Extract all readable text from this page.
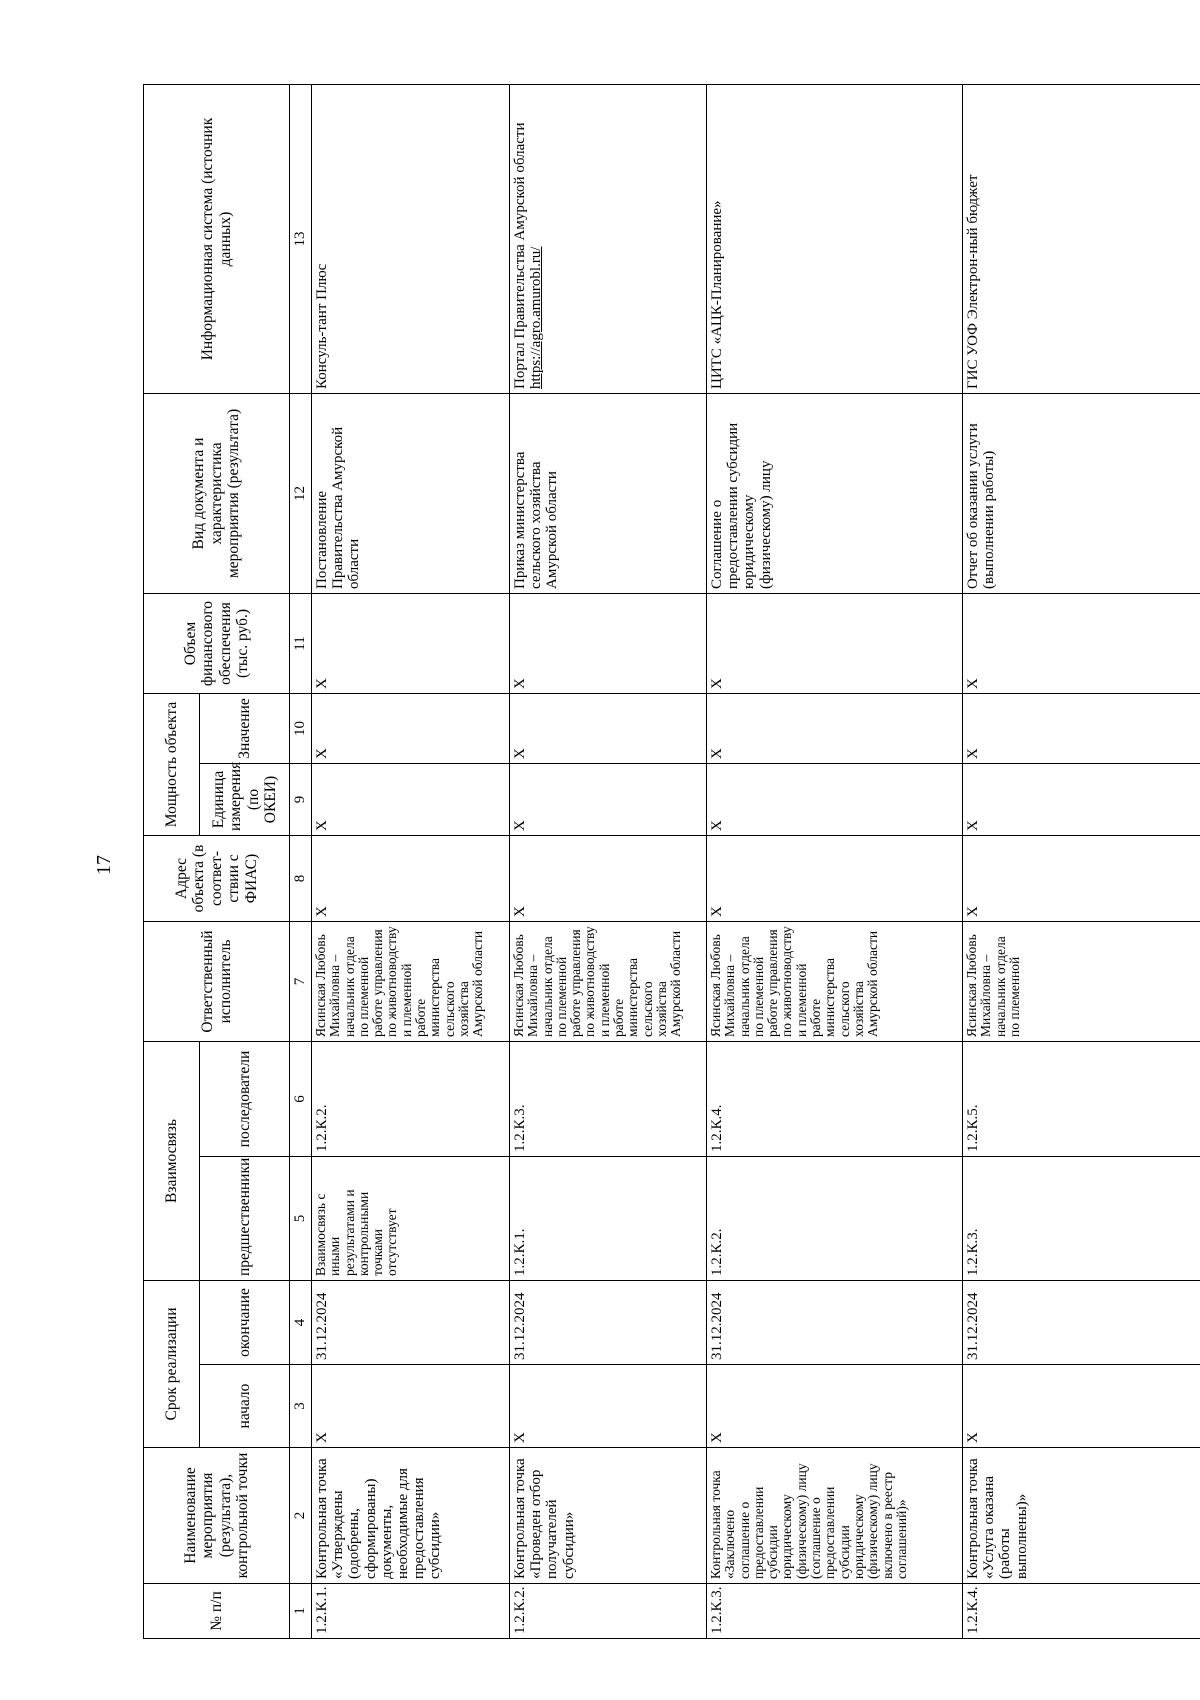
17
№ п/п	Наименование мероприятия (результата), контрольной точки	Срок реализации		Взаимосвязь		Ответственный исполнитель	Адрес объекта (в соответ-ствии с ФИАС)	Мощность объекта		Объем финансового обеспечения (тыс. руб.)	Вид документа и характеристика мероприятия (результата)	Информационная система (источник данных)
		начало	окончание	предшественники	последователи			Единица измерения (по ОКЕИ)	Значение			
1	2	3	4	5	6	7	8	9	10	11	12	13
1.2.К.1.	Контрольная точка «Утверждены (одобрены, сформированы) документы, необходимые для предоставления субсидии»	X	31.12.2024	Взаимосвязь с иными результатами и контрольными точками отсутствует	1.2.К.2.	Ясинская Любовь Михайловна – начальник отдела по племенной работе управления по животноводству и племенной работе министерства сельского хозяйства Амурской области	X	X	X	X	Постановление Правительства Амурской области	Консуль-тант Плюс
1.2.К.2.	Контрольная точка «Проведен отбор получателей субсидии»	X	31.12.2024	1.2.К.1.	1.2.К.3.	Ясинская Любовь Михайловна – начальник отдела по племенной работе управления по животноводству и племенной работе министерства сельского хозяйства Амурской области	X	X	X	X	Приказ министерства сельского хозяйства Амурской области	Портал Правительства Амурской области https://agro.amurobl.ru/
1.2.К.3.	Контрольная точка «Заключено соглашение о предоставлении субсидии юридическому (физическому) лицу (соглашение о предоставлении субсидии юридическому (физическому) лицу включено в реестр соглашений)»	X	31.12.2024	1.2.К.2.	1.2.К.4.	Ясинская Любовь Михайловна – начальник отдела по племенной работе управления по животноводству и племенной работе министерства сельского хозяйства Амурской области	X	X	X	X	Соглашение о предоставлении субсидии юридическому (физическому) лицу	ЦИТС «АЦК-Планирование»
1.2.К.4.	Контрольная точка «Услуга оказана (работы выполнены)»	X	31.12.2024	1.2.К.3.	1.2.К.5.	Ясинская Любовь Михайловна – начальник отдела по племенной	X	X	X	X	Отчет об оказании услуги (выполнении работы)	ГИС УОФ Электрон-ный бюджет
